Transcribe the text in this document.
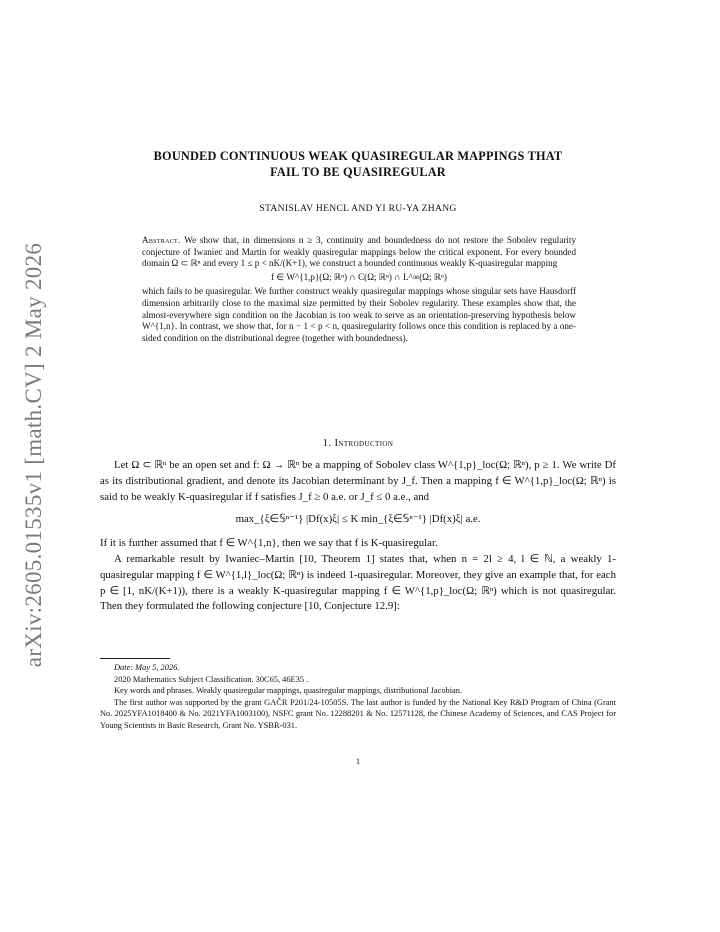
arXiv:2605.01535v1 [math.CV] 2 May 2026
BOUNDED CONTINUOUS WEAK QUASIREGULAR MAPPINGS THAT
FAIL TO BE QUASIREGULAR
STANISLAV HENCL AND YI RU-YA ZHANG

Abstract. We show that, in dimensions n ≥ 3, continuity and boundedness do not restore the Sobolev regularity conjecture of Iwaniec and Martin for weakly quasiregular mappings below the critical exponent. For every bounded domain Ω ⊂ ℝⁿ and every 1 ≤ p < nK/(K+1), we construct a bounded continuous weakly K-quasiregular mapping

f ∈ W^{1,p}(Ω; ℝⁿ) ∩ C(Ω; ℝⁿ) ∩ L^∞(Ω; ℝⁿ)

which fails to be quasiregular. We further construct weakly quasiregular mappings whose singular sets have Hausdorff dimension arbitrarily close to the maximal size permitted by their Sobolev regularity. These examples show that, the almost-everywhere sign condition on the Jacobian is too weak to serve as an orientation-preserving hypothesis below W^{1,n}. In contrast, we show that, for n − 1 < p < n, quasiregularity follows once this condition is replaced by a one-sided condition on the distributional degree (together with boundedness).

1. Introduction

Let Ω ⊂ ℝⁿ be an open set and f: Ω → ℝⁿ be a mapping of Sobolev class W^{1,p}_loc(Ω; ℝⁿ), p ≥ 1. We write Df as its distributional gradient, and denote its Jacobian determinant by J_f. Then a mapping f ∈ W^{1,p}_loc(Ω; ℝⁿ) is said to be weakly K-quasiregular if f satisfies J_f ≥ 0 a.e. or J_f ≤ 0 a.e., and

max_{ξ∈𝕊ⁿ⁻¹} |Df(x)ξ| ≤ K min_{ξ∈𝕊ⁿ⁻¹} |Df(x)ξ| a.e.

If it is further assumed that f ∈ W^{1,n}, then we say that f is K-quasiregular.

A remarkable result by Iwaniec–Martin [10, Theorem 1] states that, when n = 2l ≥ 4, l ∈ ℕ, a weakly 1-quasiregular mapping f ∈ W^{1,l}_loc(Ω; ℝⁿ) is indeed 1-quasiregular. Moreover, they give an example that, for each p ∈ [1, nK/(K+1)), there is a weakly K-quasiregular mapping f ∈ W^{1,p}_loc(Ω; ℝⁿ) which is not quasiregular. Then they formulated the following conjecture [10, Conjecture 12.9]:

Date: May 5, 2026.

2020 Mathematics Subject Classification. 30C65, 46E35 .

Key words and phrases. Weakly quasiregular mappings, quasiregular mappings, distributional Jacobian.

The first author was supported by the grant GAČR P201/24-10505S. The last author is funded by the National Key R&D Program of China (Grant No. 2025YFA1018400 & No. 2021YFA1003100), NSFC grant No. 12288201 & No. 12571128, the Chinese Academy of Sciences, and CAS Project for Young Scientists in Basic Research, Grant No. YSBR-031.

1
